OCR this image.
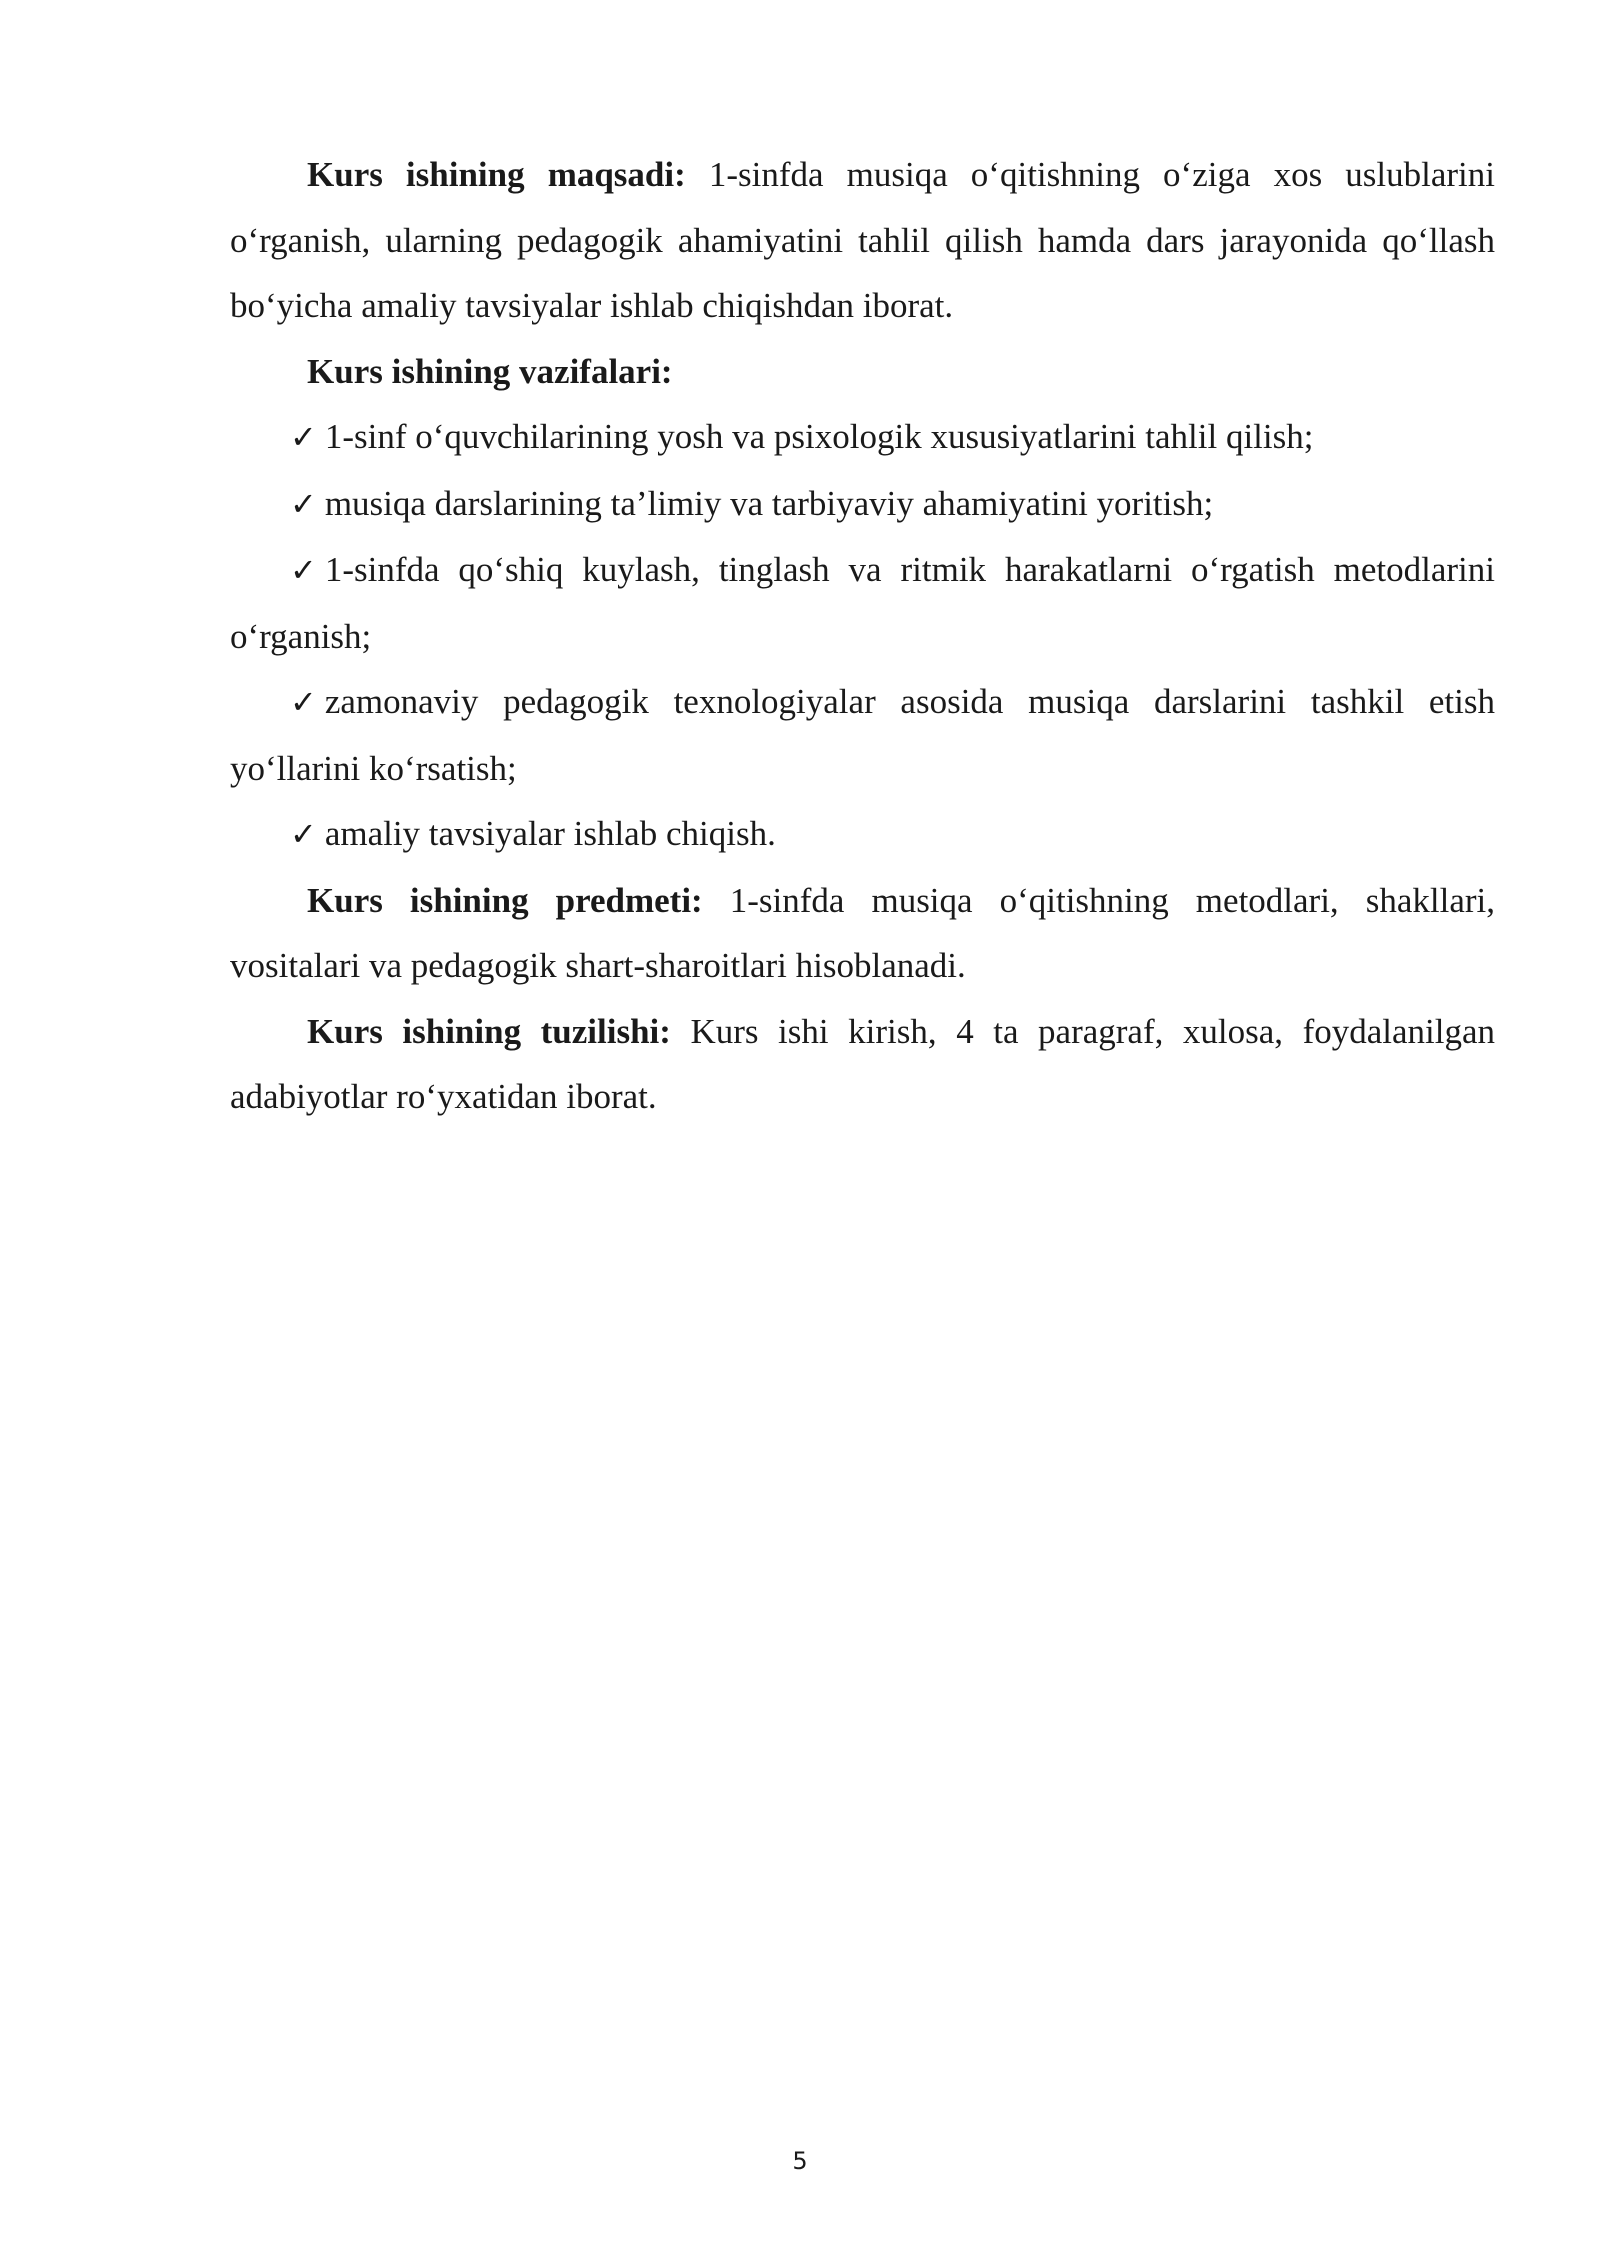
Kurs ishining maqsadi: 1-sinfda musiqa o‘qitishning o‘ziga xos uslublarini o‘rganish, ularning pedagogik ahamiyatini tahlil qilish hamda dars jarayonida qo‘llash bo‘yicha amaliy tavsiyalar ishlab chiqishdan iborat.

Kurs ishining vazifalari:

✓ 1-sinf o‘quvchilarining yosh va psixologik xususiyatlarini tahlil qilish;

✓ musiqa darslarining ta’limiy va tarbiyaviy ahamiyatini yoritish;

✓ 1-sinfda qo‘shiq kuylash, tinglash va ritmik harakatlarni o‘rgatish metodlarini o‘rganish;

✓ zamonaviy pedagogik texnologiyalar asosida musiqa darslarini tashkil etish yo‘llarini ko‘rsatish;

✓ amaliy tavsiyalar ishlab chiqish.

Kurs ishining predmeti: 1-sinfda musiqa o‘qitishning metodlari, shakllari, vositalari va pedagogik shart-sharoitlari hisoblanadi.

Kurs ishining tuzilishi: Kurs ishi kirish, 4 ta paragraf, xulosa, foydalanilgan adabiyotlar ro‘yxatidan iborat.

5
